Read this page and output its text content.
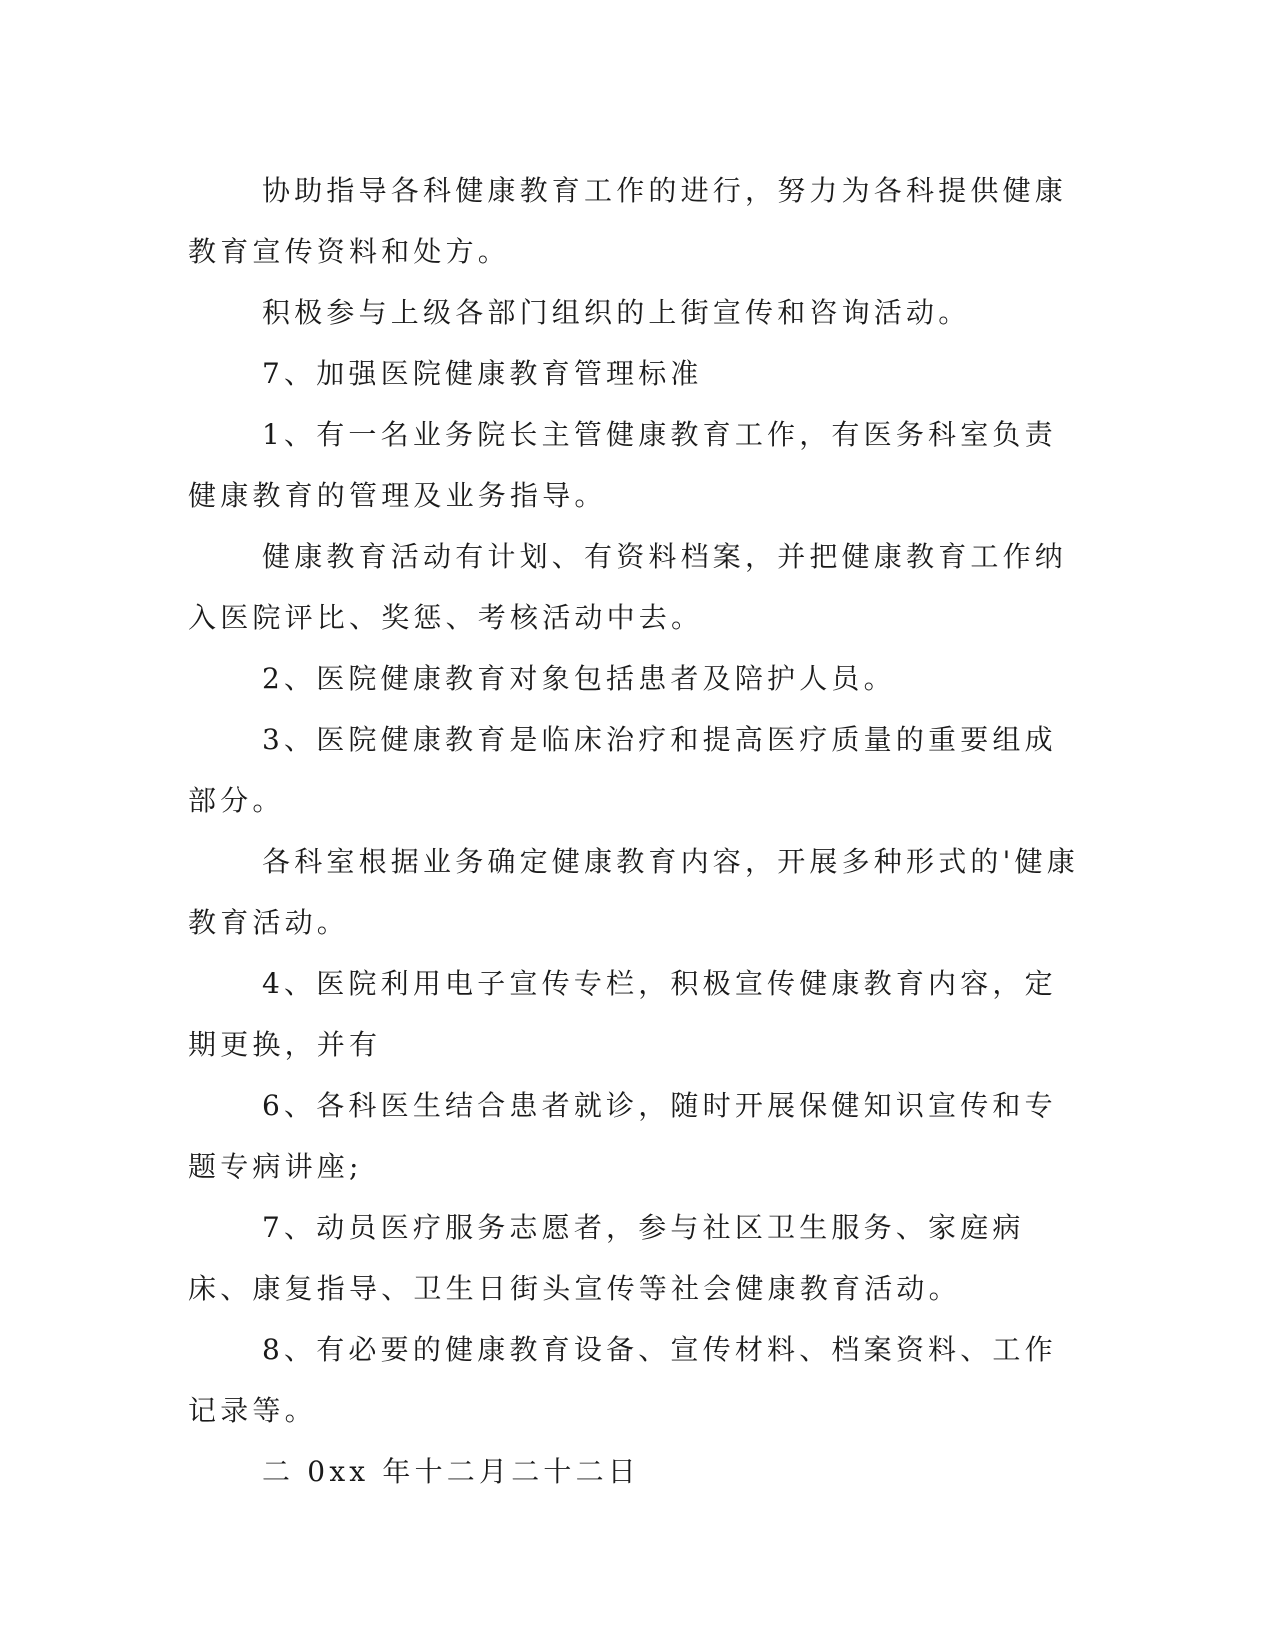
协助指导各科健康教育工作的进行，努力为各科提供健康教育宣传资料和处方。

积极参与上级各部门组织的上街宣传和咨询活动。

7、加强医院健康教育管理标准

1、有一名业务院长主管健康教育工作，有医务科室负责健康教育的管理及业务指导。

健康教育活动有计划、有资料档案，并把健康教育工作纳入医院评比、奖惩、考核活动中去。

2、医院健康教育对象包括患者及陪护人员。

3、医院健康教育是临床治疗和提高医疗质量的重要组成部分。

各科室根据业务确定健康教育内容，开展多种形式的'健康教育活动。

4、医院利用电子宣传专栏，积极宣传健康教育内容，定期更换，并有

6、各科医生结合患者就诊，随时开展保健知识宣传和专题专病讲座;

7、动员医疗服务志愿者，参与社区卫生服务、家庭病床、康复指导、卫生日街头宣传等社会健康教育活动。

8、有必要的健康教育设备、宣传材料、档案资料、工作记录等。

二 0xx 年十二月二十二日
